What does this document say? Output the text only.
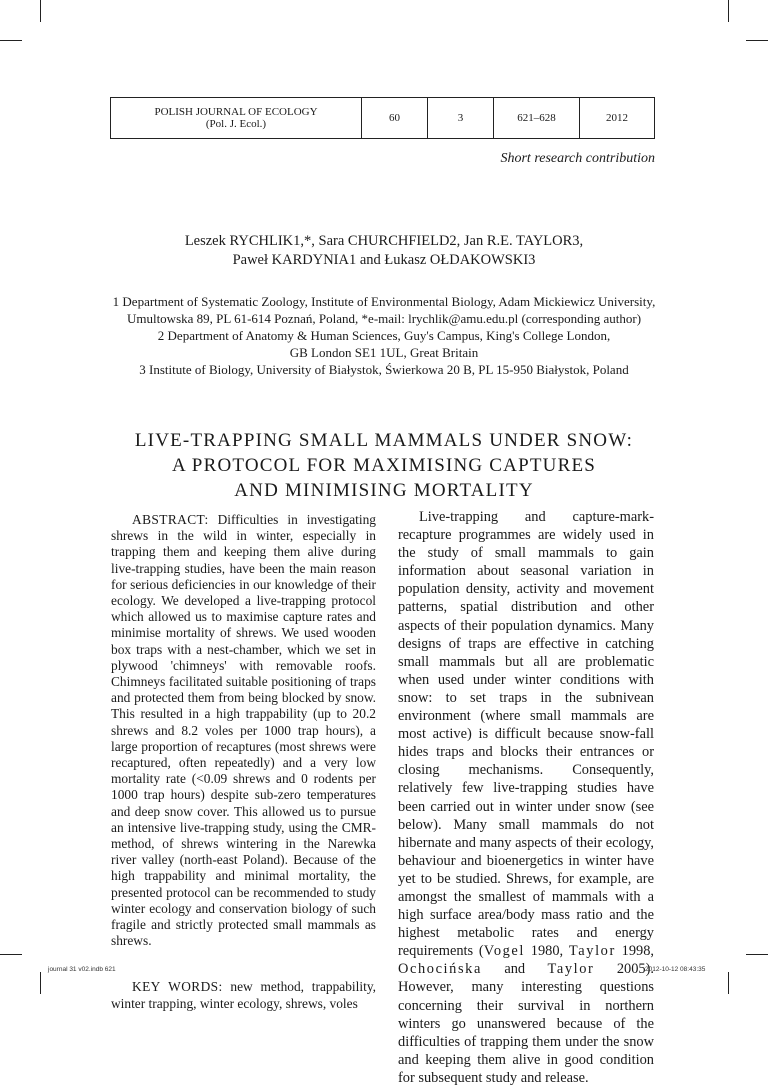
POLISH JOURNAL OF ECOLOGY
(Pol. J. Ecol.)	60	3	621–628	2012
Short research contribution
Leszek RYCHLIK1,*, Sara CHURCHFIELD2, Jan R.E. TAYLOR3,
Paweł KARDYNIA1 and Łukasz OŁDAKOWSKI3
1 Department of Systematic Zoology, Institute of Environmental Biology, Adam Mickiewicz University,
Umultowska 89, PL 61-614 Poznań, Poland, *e-mail: lrychlik@amu.edu.pl (corresponding author)
2 Department of Anatomy & Human Sciences, Guy's Campus, King's College London,
GB London SE1 1UL, Great Britain
3 Institute of Biology, University of Białystok, Świerkowa 20 B, PL 15-950 Białystok, Poland
LIVE-TRAPPING SMALL MAMMALS UNDER SNOW:
A PROTOCOL FOR MAXIMISING CAPTURES
AND MINIMISING MORTALITY

ABSTRACT: Difficulties in investigating shrews in the wild in winter, especially in trapping them and keeping them alive during live-trapping studies, have been the main reason for serious deficiencies in our knowledge of their ecology. We developed a live-trapping protocol which allowed us to maximise capture rates and minimise mortality of shrews. We used wooden box traps with a nest-chamber, which we set in plywood 'chimneys' with removable roofs. Chimneys facilitated suitable positioning of traps and protected them from being blocked by snow. This resulted in a high trappability (up to 20.2 shrews and 8.2 voles per 1000 trap hours), a large proportion of recaptures (most shrews were recaptured, often repeatedly) and a very low mortality rate (<0.09 shrews and 0 rodents per 1000 trap hours) despite sub-zero temperatures and deep snow cover. This allowed us to pursue an intensive live-trapping study, using the CMR-method, of shrews wintering in the Narewka river valley (north-east Poland). Because of the high trappability and minimal mortality, the presented protocol can be recommended to study winter ecology and conservation biology of such fragile and strictly protected small mammals as shrews.

KEY WORDS: new method, trappability, winter trapping, winter ecology, shrews, voles

Live-trapping and capture-mark-recapture programmes are widely used in the study of small mammals to gain information about seasonal variation in population density, activity and movement patterns, spatial distribution and other aspects of their population dynamics. Many designs of traps are effective in catching small mammals but all are problematic when used under winter conditions with snow: to set traps in the subnivean environment (where small mammals are most active) is difficult because snow-fall hides traps and blocks their entrances or closing mechanisms. Consequently, relatively few live-trapping studies have been carried out in winter under snow (see below). Many small mammals do not hibernate and many aspects of their ecology, behaviour and bioenergetics in winter have yet to be studied. Shrews, for example, are amongst the smallest of mammals with a high surface area/body mass ratio and the highest metabolic rates and energy requirements (Vogel 1980, Taylor 1998, Ochocińska and Taylor 2005). However, many interesting questions concerning their survival in northern winters go unanswered because of the difficulties of trapping them under the snow and keeping them alive in good condition for subsequent study and release.

journal 31 v02.indb 621	2012-10-12 08:43:35
